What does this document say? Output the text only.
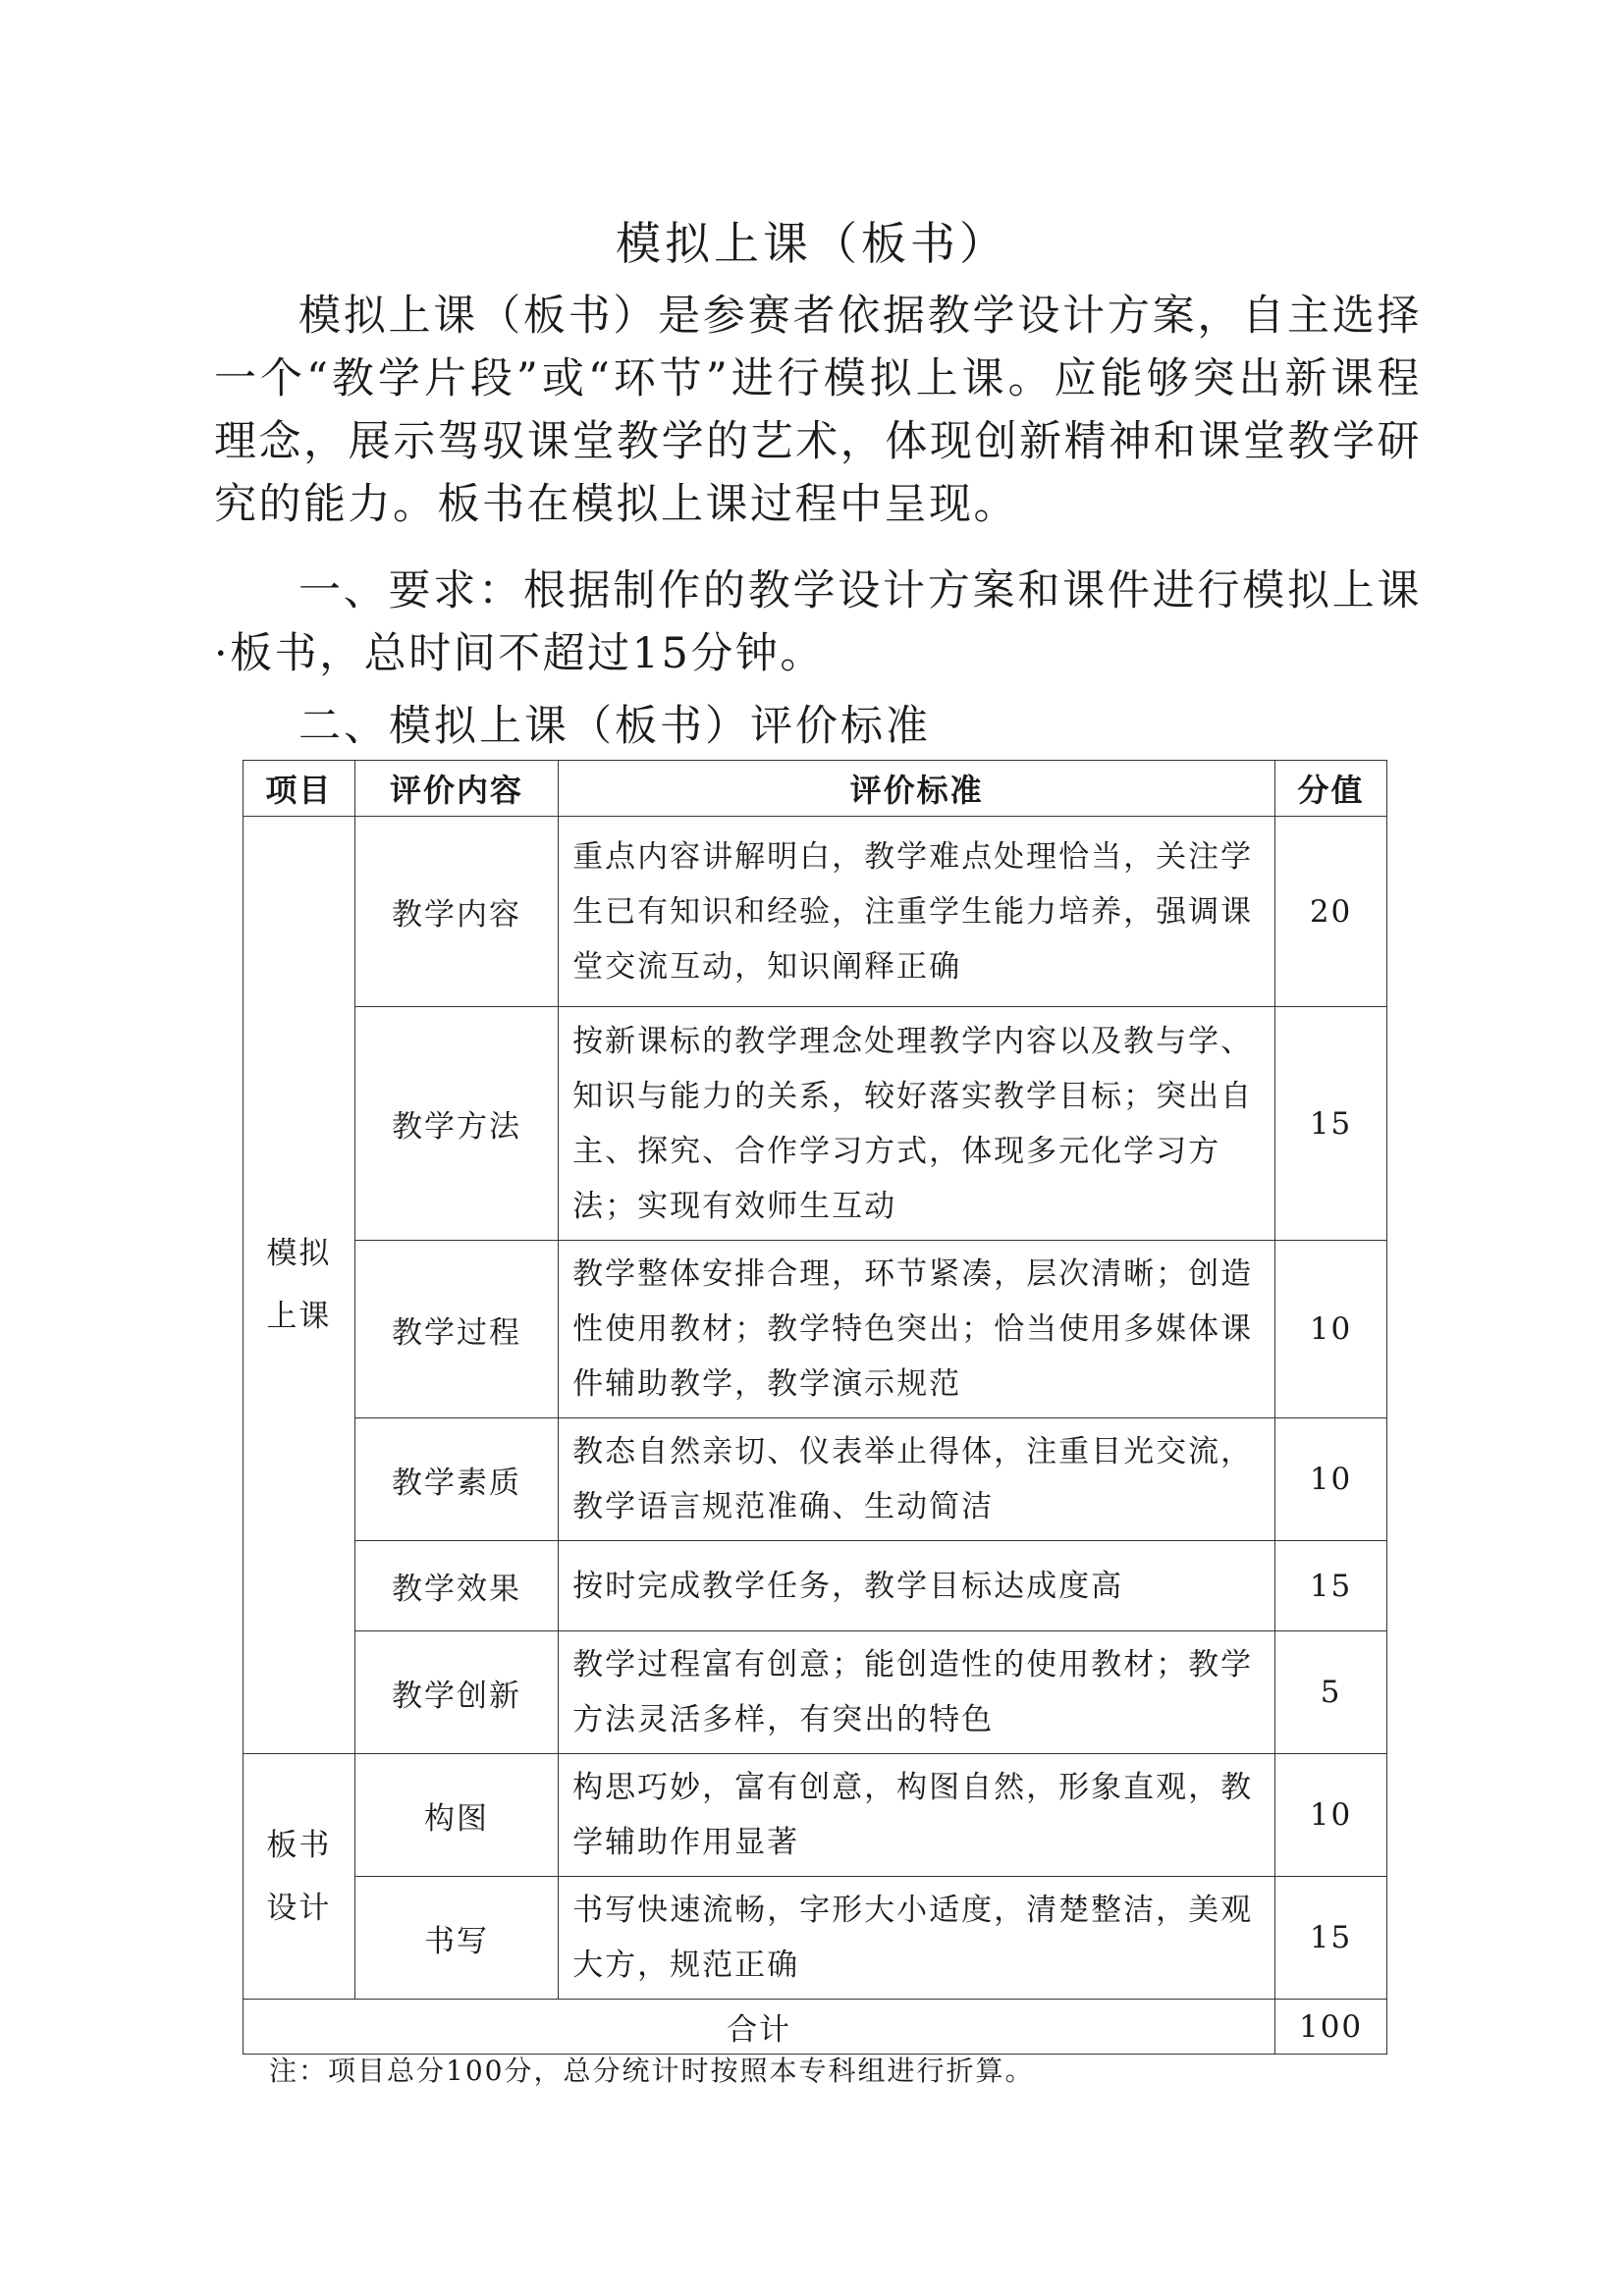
模拟上课（板书）
模拟上课（板书）是参赛者依据教学设计方案，自主选择一个“教学片段”或“环节”进行模拟上课。应能够突出新课程理念，展示驾驭课堂教学的艺术，体现创新精神和课堂教学研究的能力。板书在模拟上课过程中呈现。
一、要求：根据制作的教学设计方案和课件进行模拟上课·板书，总时间不超过15分钟。
二、模拟上课（板书）评价标准
项目	评价内容	评价标准	分值

模拟
上课	教学内容	重点内容讲解明白，教学难点处理恰当，关注学生已有知识和经验，注重学生能力培养，强调课堂交流互动，知识阐释正确	20
	教学方法	按新课标的教学理念处理教学内容以及教与学、知识与能力的关系，较好落实教学目标；突出自主、探究、合作学习方式，体现多元化学习方法；实现有效师生互动	15
	教学过程	教学整体安排合理，环节紧凑，层次清晰；创造性使用教材；教学特色突出；恰当使用多媒体课件辅助教学，教学演示规范	10
	教学素质	教态自然亲切、仪表举止得体，注重目光交流，教学语言规范准确、生动简洁	10
	教学效果	按时完成教学任务，教学目标达成度高	15
	教学创新	教学过程富有创意；能创造性的使用教材；教学方法灵活多样，有突出的特色	5

板书
设计	构图	构思巧妙，富有创意，构图自然，形象直观，教学辅助作用显著	10
	书写	书写快速流畅，字形大小适度，清楚整洁，美观大方，规范正确	15
合计			100
注：项目总分100分，总分统计时按照本专科组进行折算。
